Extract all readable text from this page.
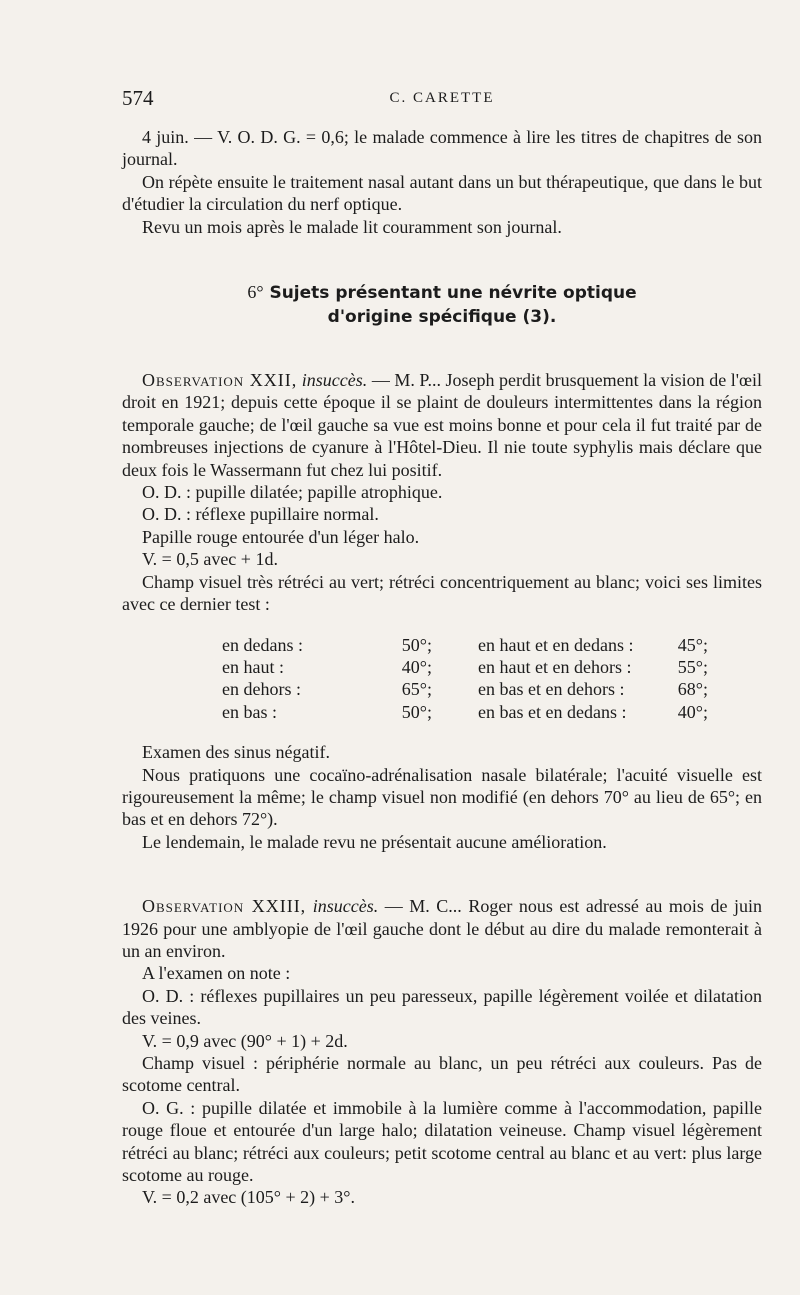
574	C. CARETTE

4 juin. — V. O. D. G. = 0,6; le malade commence à lire les titres de chapitres de son journal.

On répète ensuite le traitement nasal autant dans un but thérapeutique, que dans le but d'étudier la circulation du nerf optique.

Revu un mois après le malade lit couramment son journal.

6° Sujets présentant une névrite optique
d'origine spécifique (3).

Observation XXII, insuccès. — M. P... Joseph perdit brusquement la vision de l'œil droit en 1921; depuis cette époque il se plaint de douleurs intermittentes dans la région temporale gauche; de l'œil gauche sa vue est moins bonne et pour cela il fut traité par de nombreuses injections de cyanure à l'Hôtel-Dieu. Il nie toute syphylis mais déclare que deux fois le Wassermann fut chez lui positif.

O. D. : pupille dilatée; papille atrophique.

O. D. : réflexe pupillaire normal.

Papille rouge entourée d'un léger halo.

V. = 0,5 avec + 1d.

Champ visuel très rétréci au vert; rétréci concentriquement au blanc; voici ses limites avec ce dernier test :

en dedans :	50°;	en haut et en dedans :	45°;
en haut :	40°;	en haut et en dehors :	55°;
en dehors :	65°;	en bas et en dehors :	68°;
en bas :	50°;	en bas et en dedans :	40°;

Examen des sinus négatif.

Nous pratiquons une cocaïno-adrénalisation nasale bilatérale; l'acuité visuelle est rigoureusement la même; le champ visuel non modifié (en dehors 70° au lieu de 65°; en bas et en dehors 72°).

Le lendemain, le malade revu ne présentait aucune amélioration.

Observation XXIII, insuccès. — M. C... Roger nous est adressé au mois de juin 1926 pour une amblyopie de l'œil gauche dont le début au dire du malade remonterait à un an environ.

A l'examen on note :

O. D. : réflexes pupillaires un peu paresseux, papille légèrement voilée et dilatation des veines.

V. = 0,9 avec (90° + 1) + 2d.

Champ visuel : périphérie normale au blanc, un peu rétréci aux couleurs. Pas de scotome central.

O. G. : pupille dilatée et immobile à la lumière comme à l'accommodation, papille rouge floue et entourée d'un large halo; dilatation veineuse. Champ visuel légèrement rétréci au blanc; rétréci aux couleurs; petit scotome central au blanc et au vert: plus large scotome au rouge.

V. = 0,2 avec (105° + 2) + 3°.
